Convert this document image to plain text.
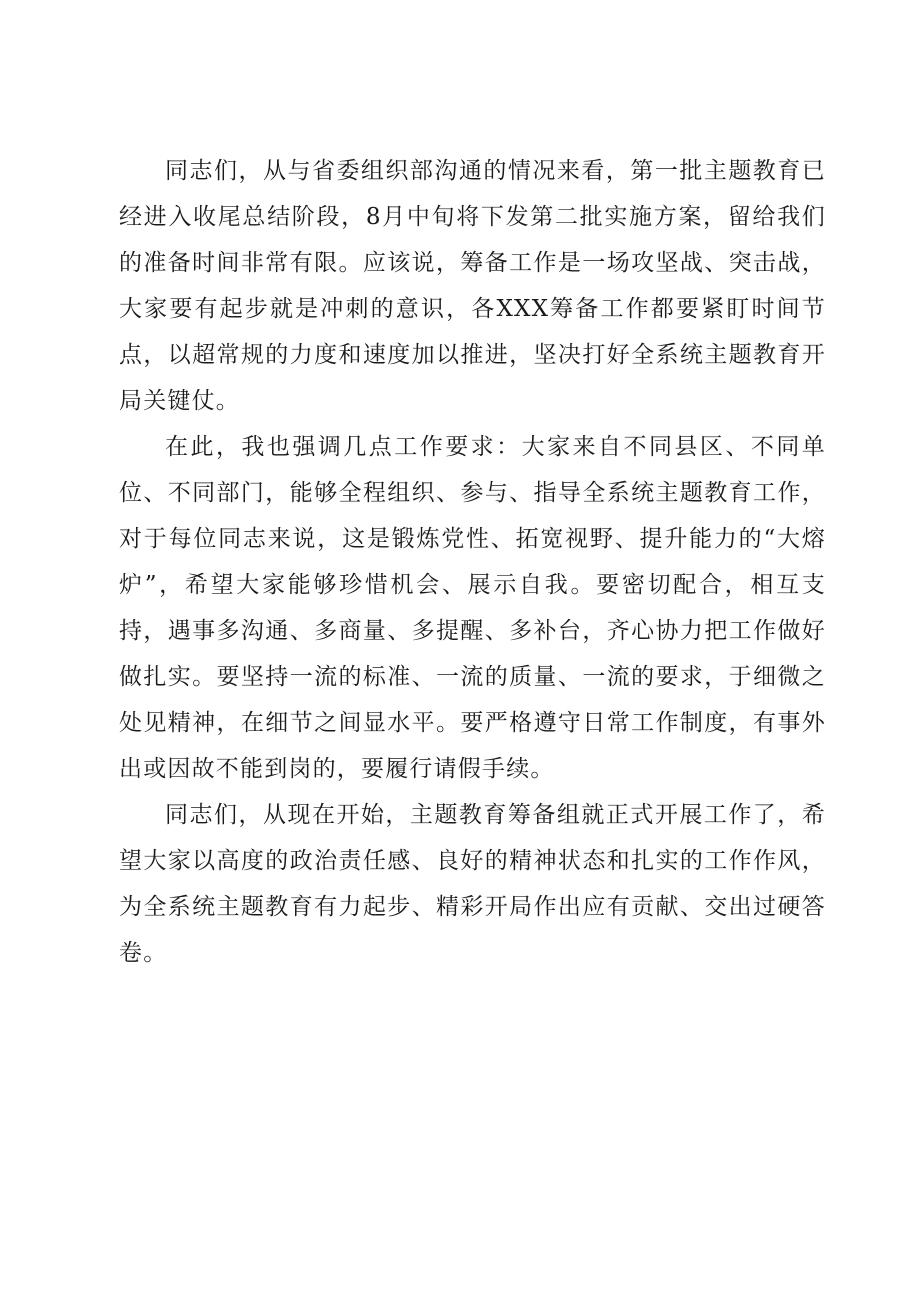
同志们，从与省委组织部沟通的情况来看，第一批主题教育已经进入收尾总结阶段，8月中旬将下发第二批实施方案，留给我们的准备时间非常有限。应该说，筹备工作是一场攻坚战、突击战，大家要有起步就是冲刺的意识，各XXX筹备工作都要紧盯时间节点，以超常规的力度和速度加以推进，坚决打好全系统主题教育开局关键仗。

在此，我也强调几点工作要求：大家来自不同县区、不同单位、不同部门，能够全程组织、参与、指导全系统主题教育工作，对于每位同志来说，这是锻炼党性、拓宽视野、提升能力的“大熔炉”，希望大家能够珍惜机会、展示自我。要密切配合，相互支持，遇事多沟通、多商量、多提醒、多补台，齐心协力把工作做好做扎实。要坚持一流的标准、一流的质量、一流的要求，于细微之处见精神，在细节之间显水平。要严格遵守日常工作制度，有事外出或因故不能到岗的，要履行请假手续。

同志们，从现在开始，主题教育筹备组就正式开展工作了，希望大家以高度的政治责任感、良好的精神状态和扎实的工作作风，为全系统主题教育有力起步、精彩开局作出应有贡献、交出过硬答卷。
